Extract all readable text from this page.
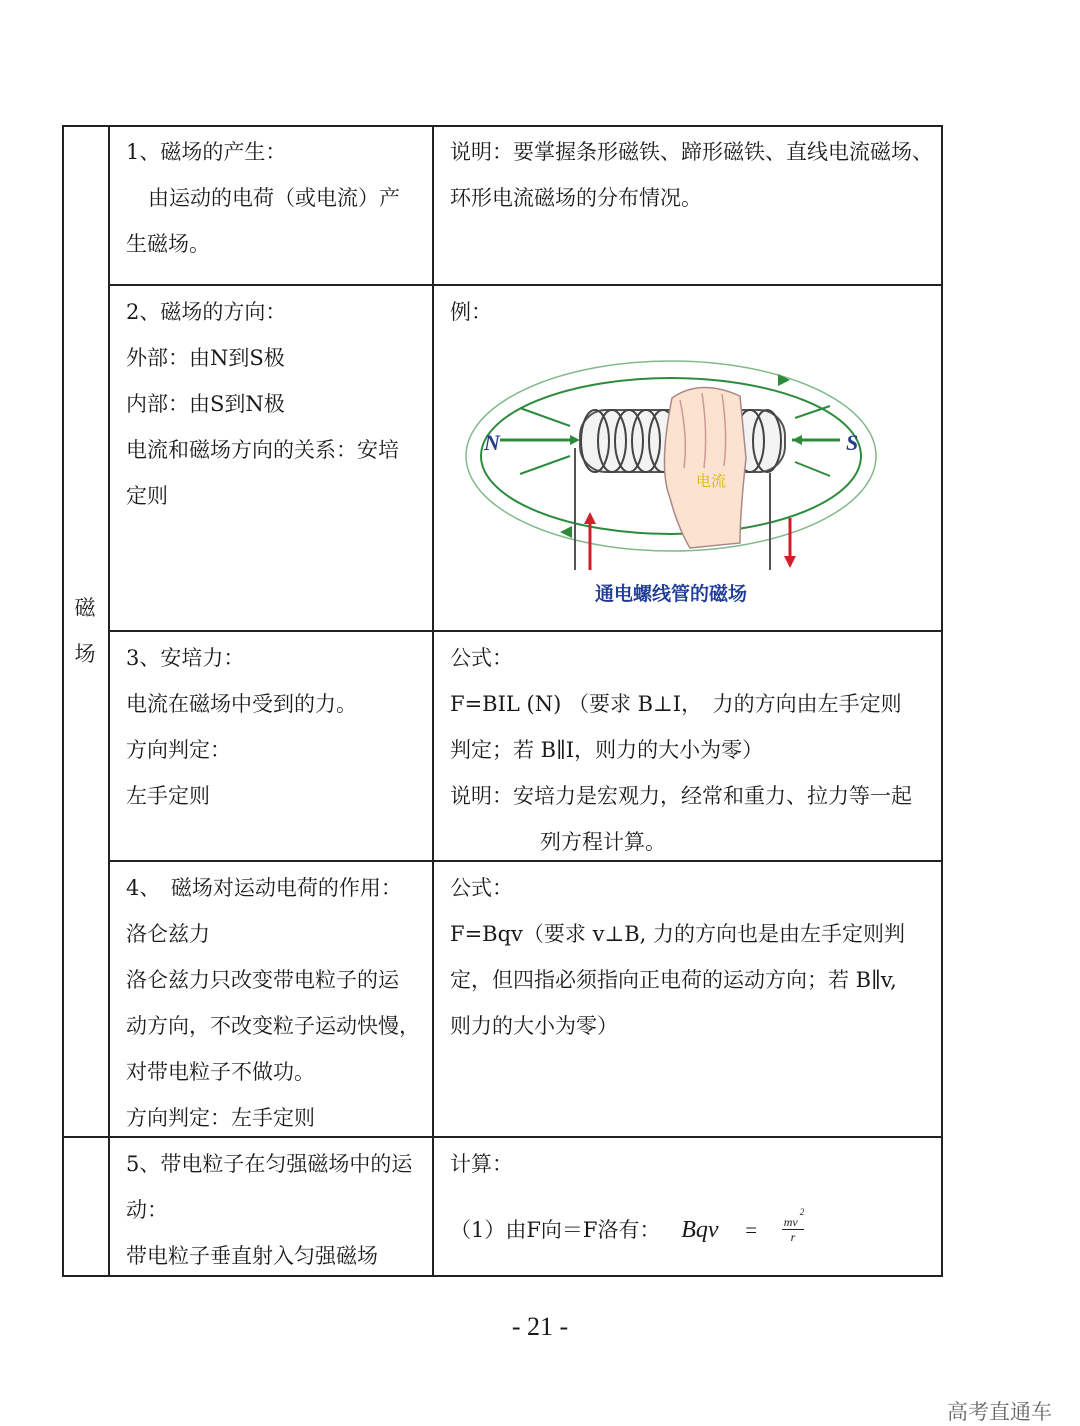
磁
场

1、磁场的产生：

由运动的电荷（或电流）产

生磁场。

说明：要掌握条形磁铁、蹄形磁铁、直线电流磁场、

环形电流磁场的分布情况。

2、磁场的方向：

外部：由N到S极

内部：由S到N极

电流和磁场方向的关系：安培

定则

例：

3、安培力：

电流在磁场中受到的力。

方向判定：

左手定则

公式：

F=BIL (N) （要求 B⊥I，　力的方向由左手定则

判定；若 B∥I，则力的大小为零）

说明：安培力是宏观力，经常和重力、拉力等一起

列方程计算。

4、　磁场对运动电荷的作用：

洛仑兹力

洛仑兹力只改变带电粒子的运

动方向，不改变粒子运动快慢，

对带电粒子不做功。

方向判定：左手定则

公式：

F=Bqv（要求 v⊥B, 力的方向也是由左手定则判

定，但四指必须指向正电荷的运动方向；若 B∥v,

则力的大小为零）

5、带电粒子在匀强磁场中的运

动：

带电粒子垂直射入匀强磁场

计算：

（1）由F向＝F洛有： Bqv = $\frac{mv^2}{r}$

电流
N	S
通电螺线管的磁场
- 21 -
高考直通车
